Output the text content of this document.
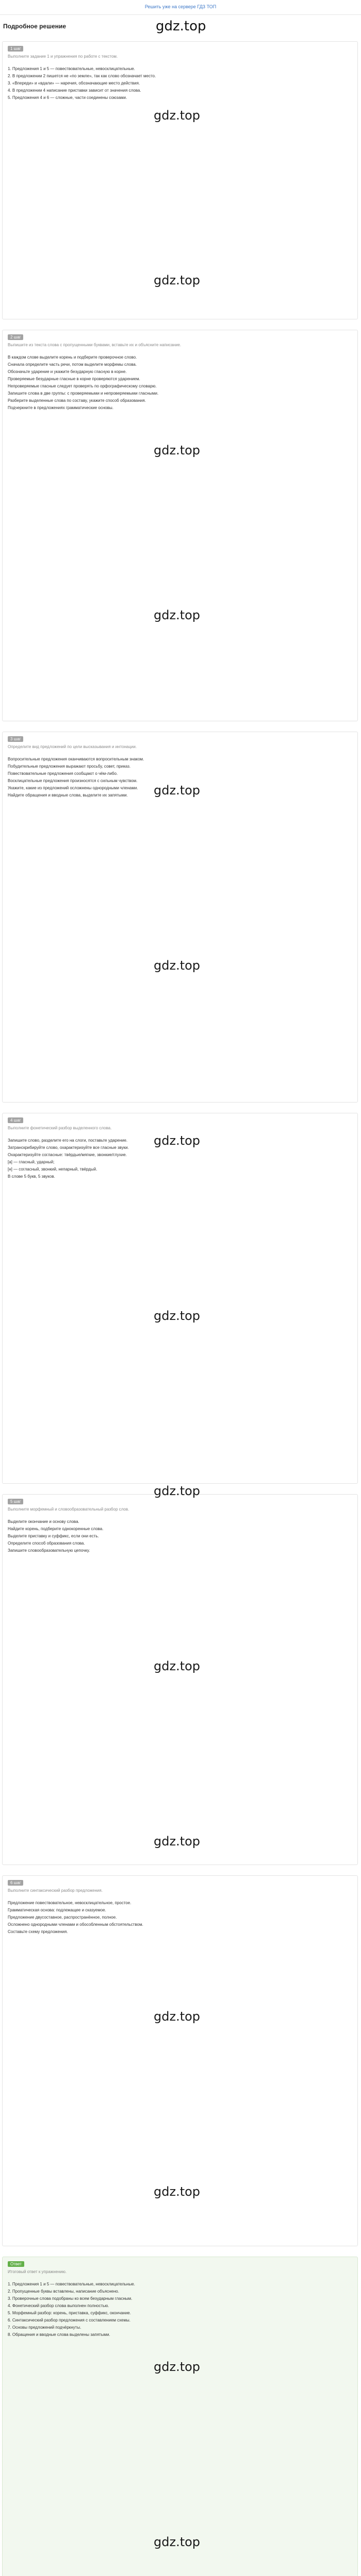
Решить уже на сервере ГДЗ ТОП
Подробное решение	gdz.top
1 шаг
Выполните задание 1 и упражнения по работе с текстом.
1. Предложения 1 и 5 — повествовательные, невосклицательные.
2. В предложении 2 пишется не «по земле», так как слово обозначает место.
3. «Впереди» и «вдали» — наречия, обозначающие место действия.
4. В предложении 4 написание приставки зависит от значения слова.
5. Предложения 4 и 6 — сложные, части соединены союзами.
2 шаг
Выпишите из текста слова с пропущенными буквами, вставьте их и объясните написание.
В каждом слове выделите корень и подберите проверочное слово.
Сначала определите часть речи, потом выделите морфемы слова.
Обозначьте ударение и укажите безударную гласную в корне.
Проверяемые безударные гласные в корне проверяются ударением.
Непроверяемые гласные следует проверять по орфографическому словарю.
Запишите слова в две группы: с проверяемыми и непроверяемыми гласными.
Разберите выделенные слова по составу, укажите способ образования.
Подчеркните в предложениях грамматические основы.
3 шаг
Определите вид предложений по цели высказывания и интонации.
Вопросительные предложения оканчиваются вопросительным знаком.
Побудительные предложения выражают просьбу, совет, приказ.
Повествовательные предложения сообщают о чём-либо.
Восклицательные предложения произносятся с сильным чувством.
Укажите, какие из предложений осложнены однородными членами.
Найдите обращения и вводные слова, выделите их запятыми.
4 шаг
Выполните фонетический разбор выделенного слова.
Запишите слово, разделите его на слоги, поставьте ударение.
Затранскрибируйте слово, охарактеризуйте все гласные звуки.
Охарактеризуйте согласные: твёрдые/мягкие, звонкие/глухие.
[а] — гласный, ударный;
[н] — согласный, звонкий, непарный, твёрдый.
В слове 5 букв, 5 звуков.
5 шаг
Выполните морфемный и словообразовательный разбор слов.
Выделите окончание и основу слова.
Найдите корень, подберите однокоренные слова.
Выделите приставку и суффикс, если они есть.
Определите способ образования слова.
Запишите словообразовательную цепочку.
6 шаг
Выполните синтаксический разбор предложения.
Предложение повествовательное, невосклицательное, простое.
Грамматическая основа: подлежащее и сказуемое.
Предложение двусоставное, распространённое, полное.
Осложнено однородными членами и обособленным обстоятельством.
Составьте схему предложения.
Ответ
Итоговый ответ к упражнению.
1. Предложения 1 и 5 — повествовательные, невосклицательные.
2. Пропущенные буквы вставлены, написание объяснено.
3. Проверочные слова подобраны ко всем безударным гласным.
4. Фонетический разбор слова выполнен полностью.
5. Морфемный разбор: корень, приставка, суффикс, окончание.
6. Синтаксический разбор предложения с составлением схемы.
7. Основы предложений подчёркнуты.
8. Обращения и вводные слова выделены запятыми.
gdz.top
gdz.top
gdz.top
gdz.top
gdz.top
gdz.top
gdz.top
gdz.top
gdz.top
gdz.top
gdz.top
gdz.top
gdz.top
gdz.top
gdz.top
